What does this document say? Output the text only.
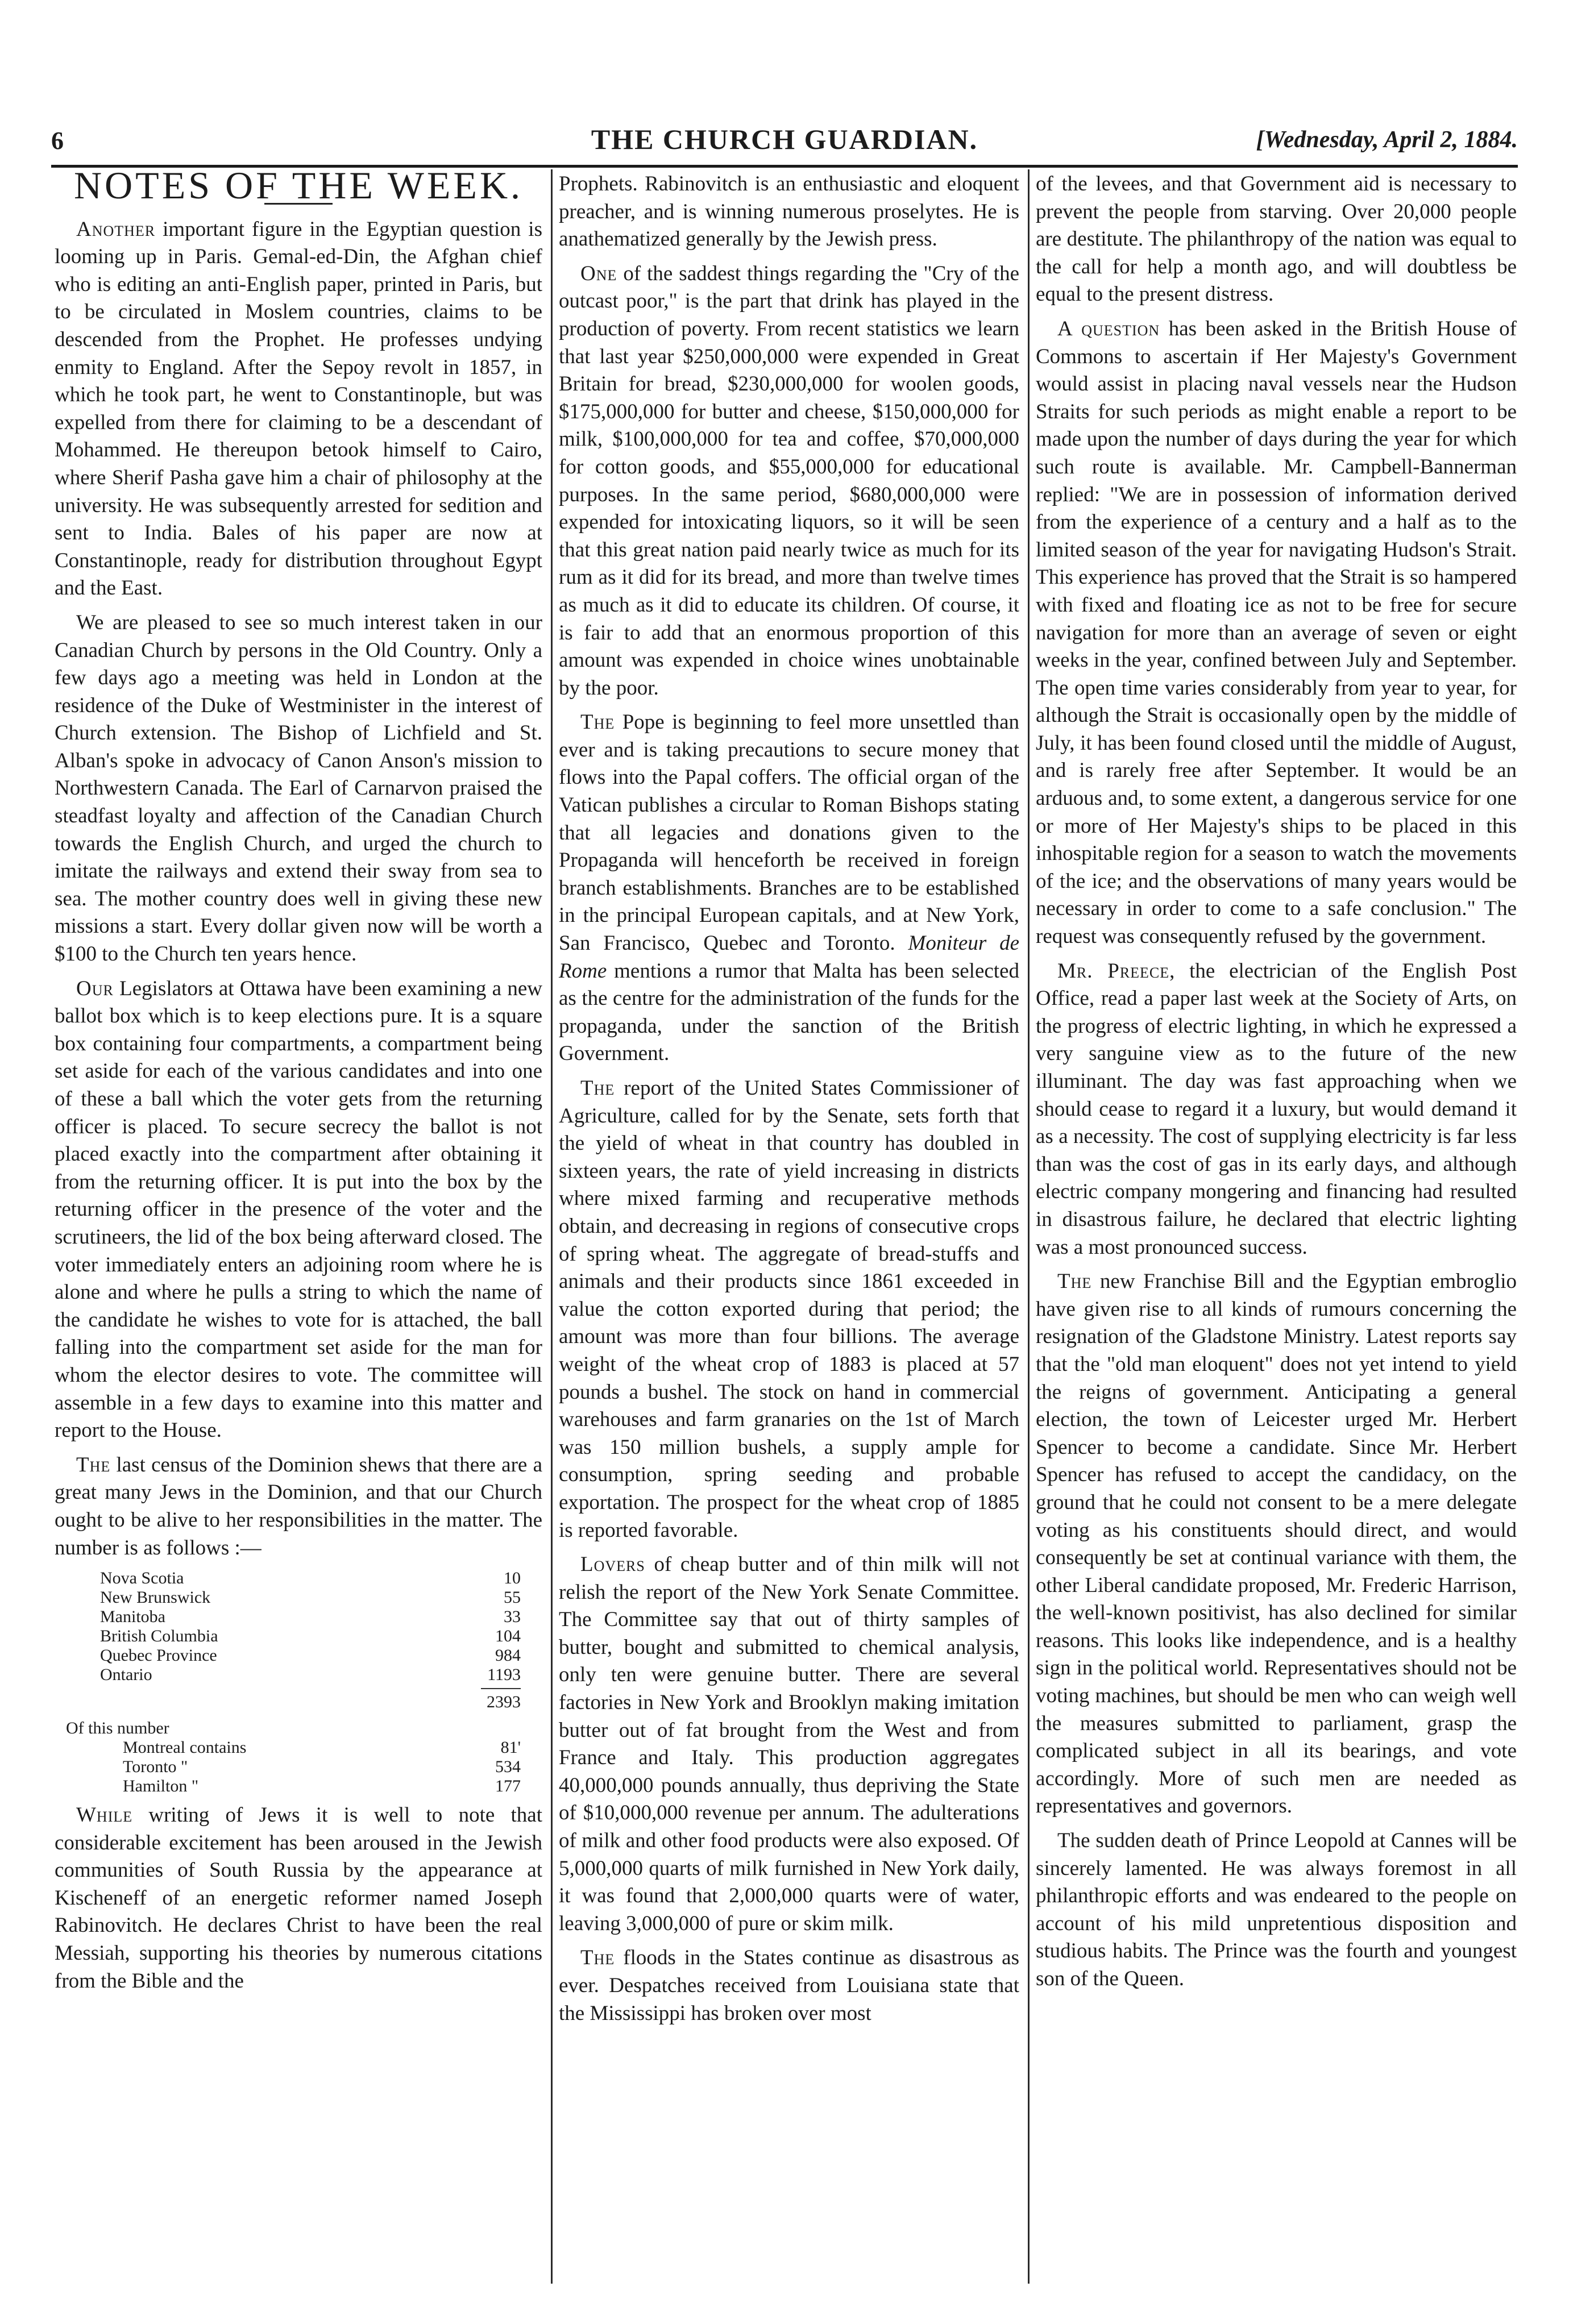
6	THE CHURCH GUARDIAN.	[Wednesday, April 2, 1884.
NOTES OF THE WEEK.

Another important figure in the Egyptian question is looming up in Paris. Gemal-ed-Din, the Afghan chief who is editing an anti-English paper, printed in Paris, but to be circulated in Moslem countries, claims to be descended from the Prophet. He professes undying enmity to England. After the Sepoy revolt in 1857, in which he took part, he went to Constantinople, but was expelled from there for claiming to be a descendant of Mohammed. He thereupon betook himself to Cairo, where Sherif Pasha gave him a chair of philosophy at the university. He was subsequently arrested for sedition and sent to India. Bales of his paper are now at Constantinople, ready for distribution throughout Egypt and the East.

We are pleased to see so much interest taken in our Canadian Church by persons in the Old Country. Only a few days ago a meeting was held in London at the residence of the Duke of Westminister in the interest of Church extension. The Bishop of Lichfield and St. Alban's spoke in advocacy of Canon Anson's mission to Northwestern Canada. The Earl of Carnarvon praised the steadfast loyalty and affection of the Canadian Church towards the English Church, and urged the church to imitate the railways and extend their sway from sea to sea. The mother country does well in giving these new missions a start. Every dollar given now will be worth a $100 to the Church ten years hence.

Our Legislators at Ottawa have been examining a new ballot box which is to keep elections pure. It is a square box containing four compartments, a compartment being set aside for each of the various candidates and into one of these a ball which the voter gets from the returning officer is placed. To secure secrecy the ballot is not placed exactly into the compartment after obtaining it from the returning officer. It is put into the box by the returning officer in the presence of the voter and the scrutineers, the lid of the box being afterward closed. The voter immediately enters an adjoining room where he is alone and where he pulls a string to which the name of the candidate he wishes to vote for is attached, the ball falling into the compartment set aside for the man for whom the elector desires to vote. The committee will assemble in a few days to examine into this matter and report to the House.

The last census of the Dominion shews that there are a great many Jews in the Dominion, and that our Church ought to be alive to her responsibilities in the matter. The number is as follows :—

Nova Scotia	10
New Brunswick	55
Manitoba	33
British Columbia	104
Quebec Province	984
Ontario	1193
2393
Of this number
Montreal contains	81'
Toronto "	534
Hamilton "	177

While writing of Jews it is well to note that considerable excitement has been aroused in the Jewish communities of South Russia by the appearance at Kischeneff of an energetic reformer named Joseph Rabinovitch. He declares Christ to have been the real Messiah, supporting his theories by numerous citations from the Bible and the

Prophets. Rabinovitch is an enthusiastic and eloquent preacher, and is winning numerous proselytes. He is anathematized generally by the Jewish press.

One of the saddest things regarding the "Cry of the outcast poor," is the part that drink has played in the production of poverty. From recent statistics we learn that last year $250,000,000 were expended in Great Britain for bread, $230,000,000 for woolen goods, $175,000,000 for butter and cheese, $150,000,000 for milk, $100,000,000 for tea and coffee, $70,000,000 for cotton goods, and $55,000,000 for educational purposes. In the same period, $680,000,000 were expended for intoxicating liquors, so it will be seen that this great nation paid nearly twice as much for its rum as it did for its bread, and more than twelve times as much as it did to educate its children. Of course, it is fair to add that an enormous proportion of this amount was expended in choice wines unobtainable by the poor.

The Pope is beginning to feel more unsettled than ever and is taking precautions to secure money that flows into the Papal coffers. The official organ of the Vatican publishes a circular to Roman Bishops stating that all legacies and donations given to the Propaganda will henceforth be received in foreign branch establishments. Branches are to be established in the principal European capitals, and at New York, San Francisco, Quebec and Toronto. Moniteur de Rome mentions a rumor that Malta has been selected as the centre for the administration of the funds for the propaganda, under the sanction of the British Government.

The report of the United States Commissioner of Agriculture, called for by the Senate, sets forth that the yield of wheat in that country has doubled in sixteen years, the rate of yield increasing in districts where mixed farming and recuperative methods obtain, and decreasing in regions of consecutive crops of spring wheat. The aggregate of bread-stuffs and animals and their products since 1861 exceeded in value the cotton exported during that period; the amount was more than four billions. The average weight of the wheat crop of 1883 is placed at 57 pounds a bushel. The stock on hand in commercial warehouses and farm granaries on the 1st of March was 150 million bushels, a supply ample for consumption, spring seeding and probable exportation. The prospect for the wheat crop of 1885 is reported favorable.

Lovers of cheap butter and of thin milk will not relish the report of the New York Senate Committee. The Committee say that out of thirty samples of butter, bought and submitted to chemical analysis, only ten were genuine butter. There are several factories in New York and Brooklyn making imitation butter out of fat brought from the West and from France and Italy. This production aggregates 40,000,000 pounds annually, thus depriving the State of $10,000,000 revenue per annum. The adulterations of milk and other food products were also exposed. Of 5,000,000 quarts of milk furnished in New York daily, it was found that 2,000,000 quarts were of water, leaving 3,000,000 of pure or skim milk.

The floods in the States continue as disastrous as ever. Despatches received from Louisiana state that the Mississippi has broken over most

of the levees, and that Government aid is necessary to prevent the people from starving. Over 20,000 people are destitute. The philanthropy of the nation was equal to the call for help a month ago, and will doubtless be equal to the present distress.

A question has been asked in the British House of Commons to ascertain if Her Majesty's Government would assist in placing naval vessels near the Hudson Straits for such periods as might enable a report to be made upon the number of days during the year for which such route is available. Mr. Campbell-Bannerman replied: "We are in possession of information derived from the experience of a century and a half as to the limited season of the year for navigating Hudson's Strait. This experience has proved that the Strait is so hampered with fixed and floating ice as not to be free for secure navigation for more than an average of seven or eight weeks in the year, confined between July and September. The open time varies considerably from year to year, for although the Strait is occasionally open by the middle of July, it has been found closed until the middle of August, and is rarely free after September. It would be an arduous and, to some extent, a dangerous service for one or more of Her Majesty's ships to be placed in this inhospitable region for a season to watch the movements of the ice; and the observations of many years would be necessary in order to come to a safe conclusion." The request was consequently refused by the government.

Mr. Preece, the electrician of the English Post Office, read a paper last week at the Society of Arts, on the progress of electric lighting, in which he expressed a very sanguine view as to the future of the new illuminant. The day was fast approaching when we should cease to regard it a luxury, but would demand it as a necessity. The cost of supplying electricity is far less than was the cost of gas in its early days, and although electric company mongering and financing had resulted in disastrous failure, he declared that electric lighting was a most pronounced success.

The new Franchise Bill and the Egyptian embroglio have given rise to all kinds of rumours concerning the resignation of the Gladstone Ministry. Latest reports say that the "old man eloquent" does not yet intend to yield the reigns of government. Anticipating a general election, the town of Leicester urged Mr. Herbert Spencer to become a candidate. Since Mr. Herbert Spencer has refused to accept the candidacy, on the ground that he could not consent to be a mere delegate voting as his constituents should direct, and would consequently be set at continual variance with them, the other Liberal candidate proposed, Mr. Frederic Harrison, the well-known positivist, has also declined for similar reasons. This looks like independence, and is a healthy sign in the political world. Representatives should not be voting machines, but should be men who can weigh well the measures submitted to parliament, grasp the complicated subject in all its bearings, and vote accordingly. More of such men are needed as representatives and governors.

The sudden death of Prince Leopold at Cannes will be sincerely lamented. He was always foremost in all philanthropic efforts and was endeared to the people on account of his mild unpretentious disposition and studious habits. The Prince was the fourth and youngest son of the Queen.
